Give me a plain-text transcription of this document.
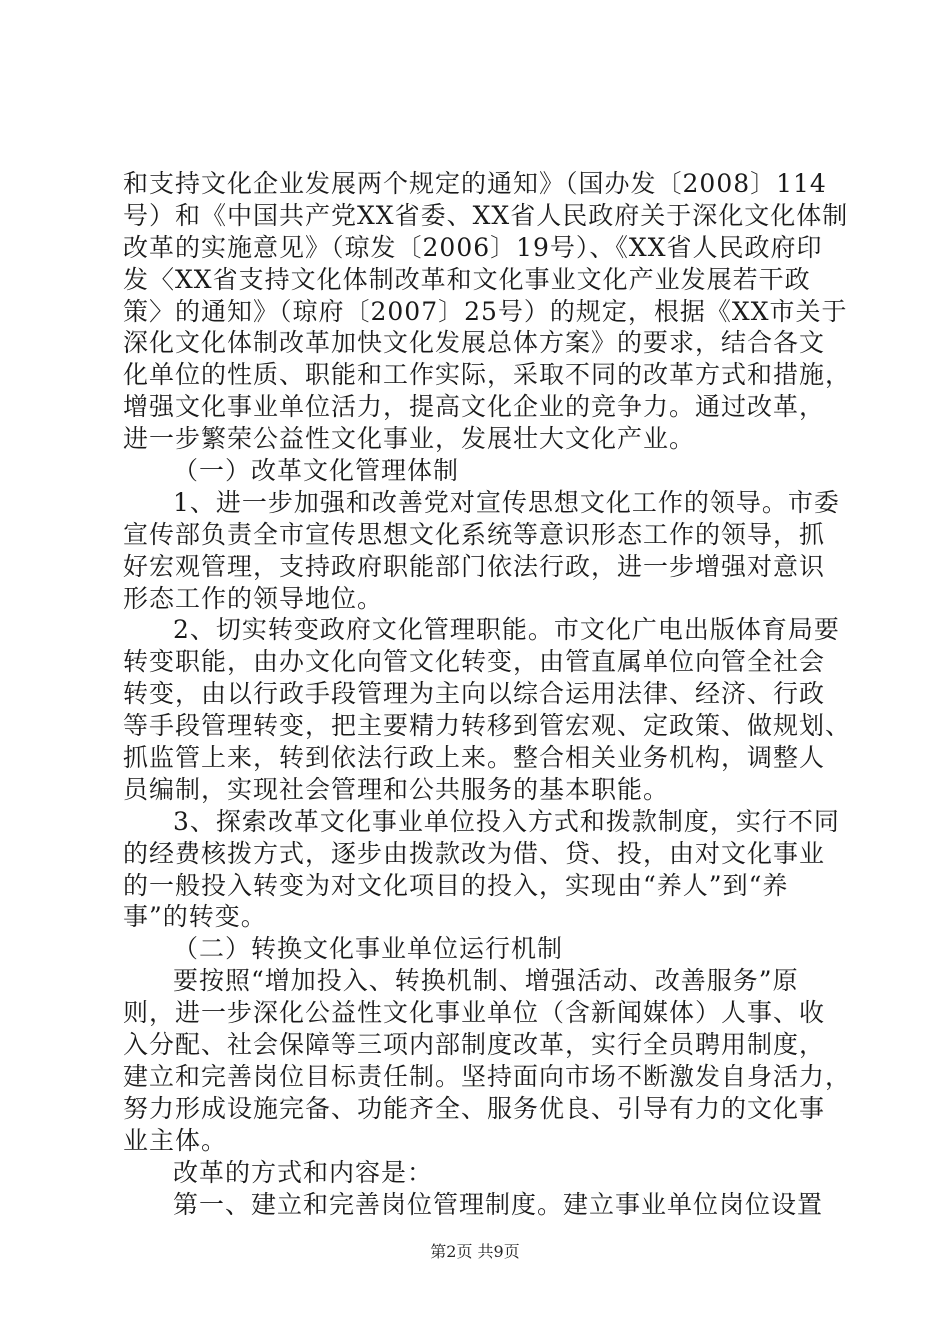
和支持文化企业发展两个规定的通知》（国办发〔2008〕114
号）和《中国共产党XX省委、XX省人民政府关于深化文化体制
改革的实施意见》（琼发〔2006〕19号）、《XX省人民政府印
发〈XX省支持文化体制改革和文化事业文化产业发展若干政
策〉的通知》（琼府〔2007〕25号）的规定，根据《XX市关于
深化文化体制改革加快文化发展总体方案》的要求，结合各文
化单位的性质、职能和工作实际，采取不同的改革方式和措施，
增强文化事业单位活力，提高文化企业的竞争力。通过改革，
进一步繁荣公益性文化事业，发展壮大文化产业。
（一）改革文化管理体制
1、进一步加强和改善党对宣传思想文化工作的领导。市委
宣传部负责全市宣传思想文化系统等意识形态工作的领导，抓
好宏观管理，支持政府职能部门依法行政，进一步增强对意识
形态工作的领导地位。
2、切实转变政府文化管理职能。市文化广电出版体育局要
转变职能，由办文化向管文化转变，由管直属单位向管全社会
转变，由以行政手段管理为主向以综合运用法律、经济、行政
等手段管理转变，把主要精力转移到管宏观、定政策、做规划、
抓监管上来，转到依法行政上来。整合相关业务机构，调整人
员编制，实现社会管理和公共服务的基本职能。
3、探索改革文化事业单位投入方式和拨款制度，实行不同
的经费核拨方式，逐步由拨款改为借、贷、投，由对文化事业
的一般投入转变为对文化项目的投入，实现由“养人”到“养
事”的转变。
（二）转换文化事业单位运行机制
要按照“增加投入、转换机制、增强活动、改善服务”原
则，进一步深化公益性文化事业单位（含新闻媒体）人事、收
入分配、社会保障等三项内部制度改革，实行全员聘用制度，
建立和完善岗位目标责任制。坚持面向市场不断激发自身活力，
努力形成设施完备、功能齐全、服务优良、引导有力的文化事
业主体。
改革的方式和内容是：
第一、建立和完善岗位管理制度。建立事业单位岗位设置
第2页 共9页
